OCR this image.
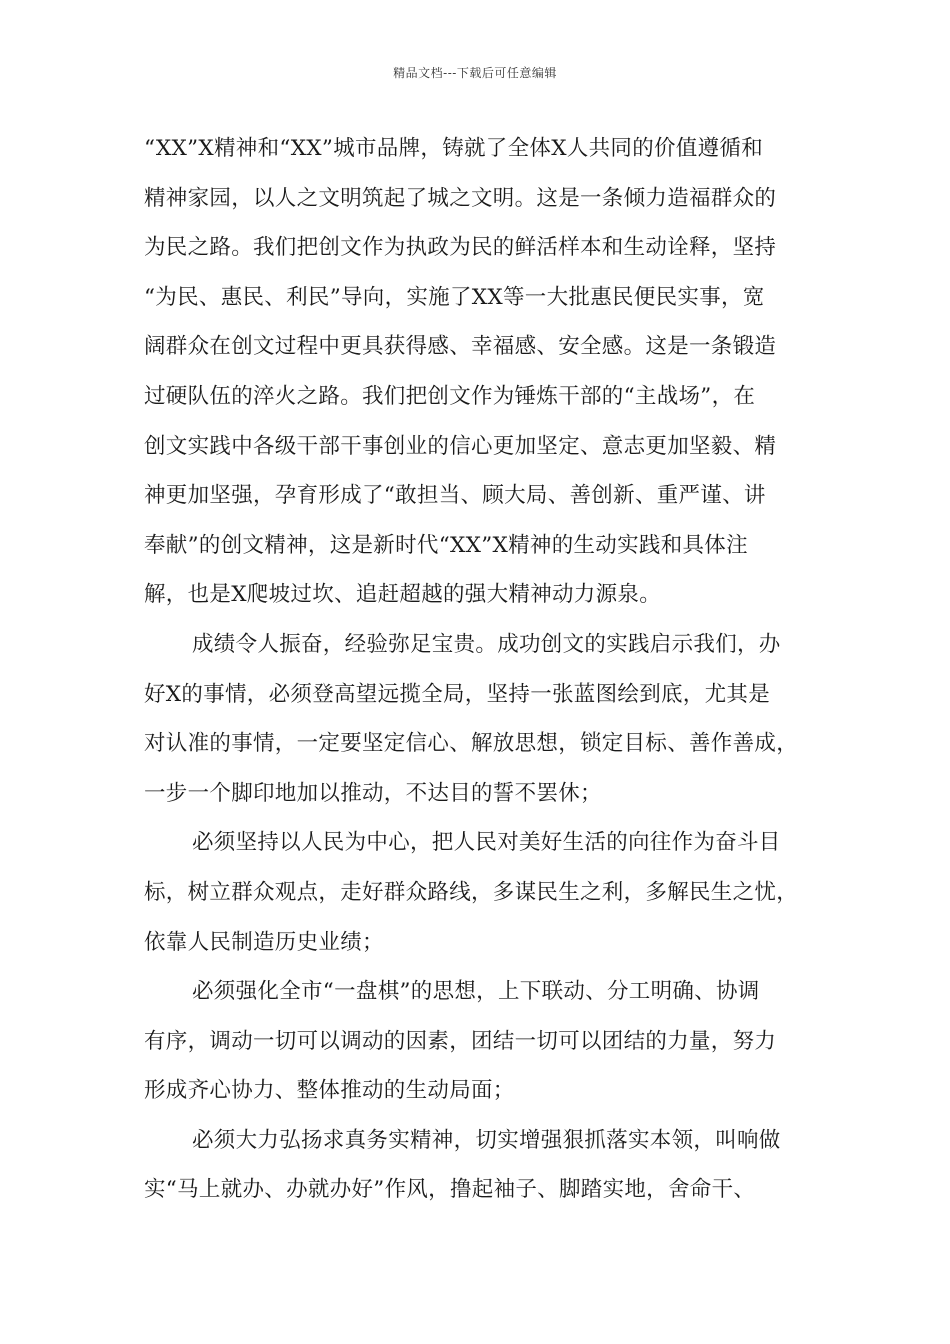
精品文档---下载后可任意编辑
“XX”X精神和“XX”城市品牌，铸就了全体X人共同的价值遵循和
精神家园，以人之文明筑起了城之文明。这是一条倾力造福群众的
为民之路。我们把创文作为执政为民的鲜活样本和生动诠释，坚持
“为民、惠民、利民”导向，实施了XX等一大批惠民便民实事，宽
阔群众在创文过程中更具获得感、幸福感、安全感。这是一条锻造
过硬队伍的淬火之路。我们把创文作为锤炼干部的“主战场”，在
创文实践中各级干部干事创业的信心更加坚定、意志更加坚毅、精
神更加坚强，孕育形成了“敢担当、顾大局、善创新、重严谨、讲
奉献”的创文精神，这是新时代“XX”X精神的生动实践和具体注
解，也是X爬坡过坎、追赶超越的强大精神动力源泉。
成绩令人振奋，经验弥足宝贵。成功创文的实践启示我们，办
好X的事情，必须登高望远揽全局，坚持一张蓝图绘到底，尤其是
对认准的事情，一定要坚定信心、解放思想，锁定目标、善作善成，
一步一个脚印地加以推动，不达目的誓不罢休；
必须坚持以人民为中心，把人民对美好生活的向往作为奋斗目
标，树立群众观点，走好群众路线，多谋民生之利，多解民生之忧，
依靠人民制造历史业绩；
必须强化全市“一盘棋”的思想，上下联动、分工明确、协调
有序，调动一切可以调动的因素，团结一切可以团结的力量，努力
形成齐心协力、整体推动的生动局面；
必须大力弘扬求真务实精神，切实增强狠抓落实本领，叫响做
实“马上就办、办就办好”作风，撸起袖子、脚踏实地，舍命干、
